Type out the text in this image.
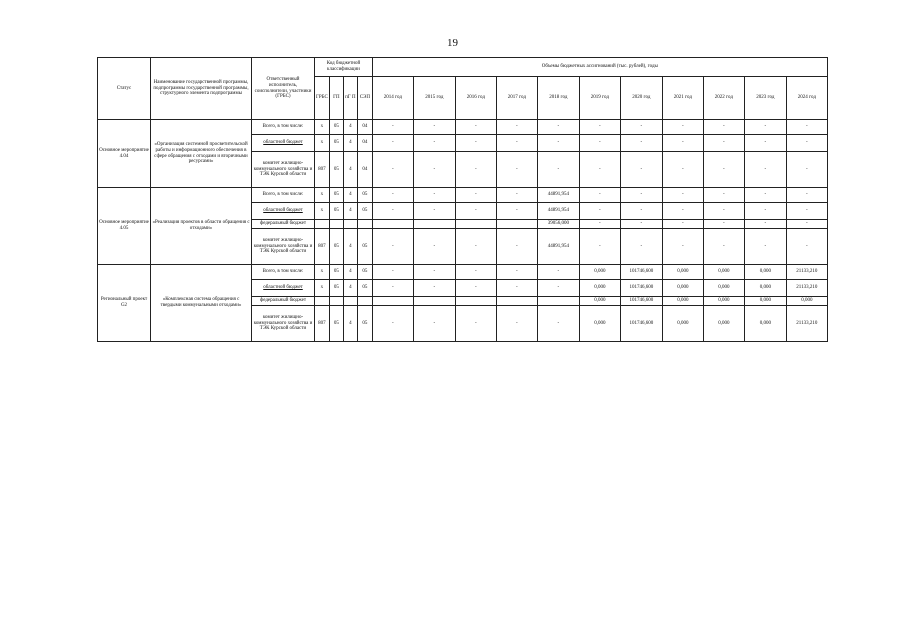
19
Статус	Наименование государственной программы, подпрограммы государственной программы, структурного элемента подпрограммы	Ответственный исполнитель, соисполнители, участники (ГРБС)	Код бюджетной классификации				Объемы бюджетных ассигнований (тыс. рублей), годы										
			ГРБС	ГП	пГ П	СЭП	2014 год	2015 год	2016 год	2017 год	2018 год	2019 год	2020 год	2021 год	2022 год	2023 год	2024 год
Основное мероприятие 4.04	«Организация системной просветительской работы и информационного обеспечения в сфере обращения с отходами и вторичными ресурсами»	Всего, в том числе:	х	05	4	04	-	-	-	-	-	-	-	-	-	-	-
		областной бюджет	х	05	4	04	-	-	-	-	-	-	-	-	-	-	-
		комитет жилищно-коммунального хозяйства и ТЭК Курской области	807	05	4	04	-	-	-	-	-	-	-	-	-	-	-
Основное мероприятие 4.05	«Реализация проектов в области обращения с отходами»	Всего, в том числе:	х	05	4	05	-	-	-	-	44891,954	-	-	-	-	-	-
		областной бюджет	х	05	4	05	-	-	-	-	44891,954	-	-	-	-	-	-
		федеральный бюджет									39056,000	-	-	-	-	-	-
		комитет жилищно-коммунального хозяйства и ТЭК Курской области	807	05	4	05	-	-	-	-	44891,954	-	-	-	-	-	-
Региональный проект G2	«Комплексная система обращения с твердыми коммунальными отходами»	Всего, в том числе:	х	05	4	05	-	-	-	-	-	0,000	101746,600	0,000	0,000	0,000	21133,210
		областной бюджет	х	05	4	05	-	-	-	-	-	0,000	101746,600	0,000	0,000	0,000	21133,210
		федеральный бюджет										0,000	101746,600	0,000	0,000	0,000	0,000
		комитет жилищно-коммунального хозяйства и ТЭК Курской области	807	05	4	05	-	-	-	-	-	0,000	101746,600	0,000	0,000	0,000	21133,210
